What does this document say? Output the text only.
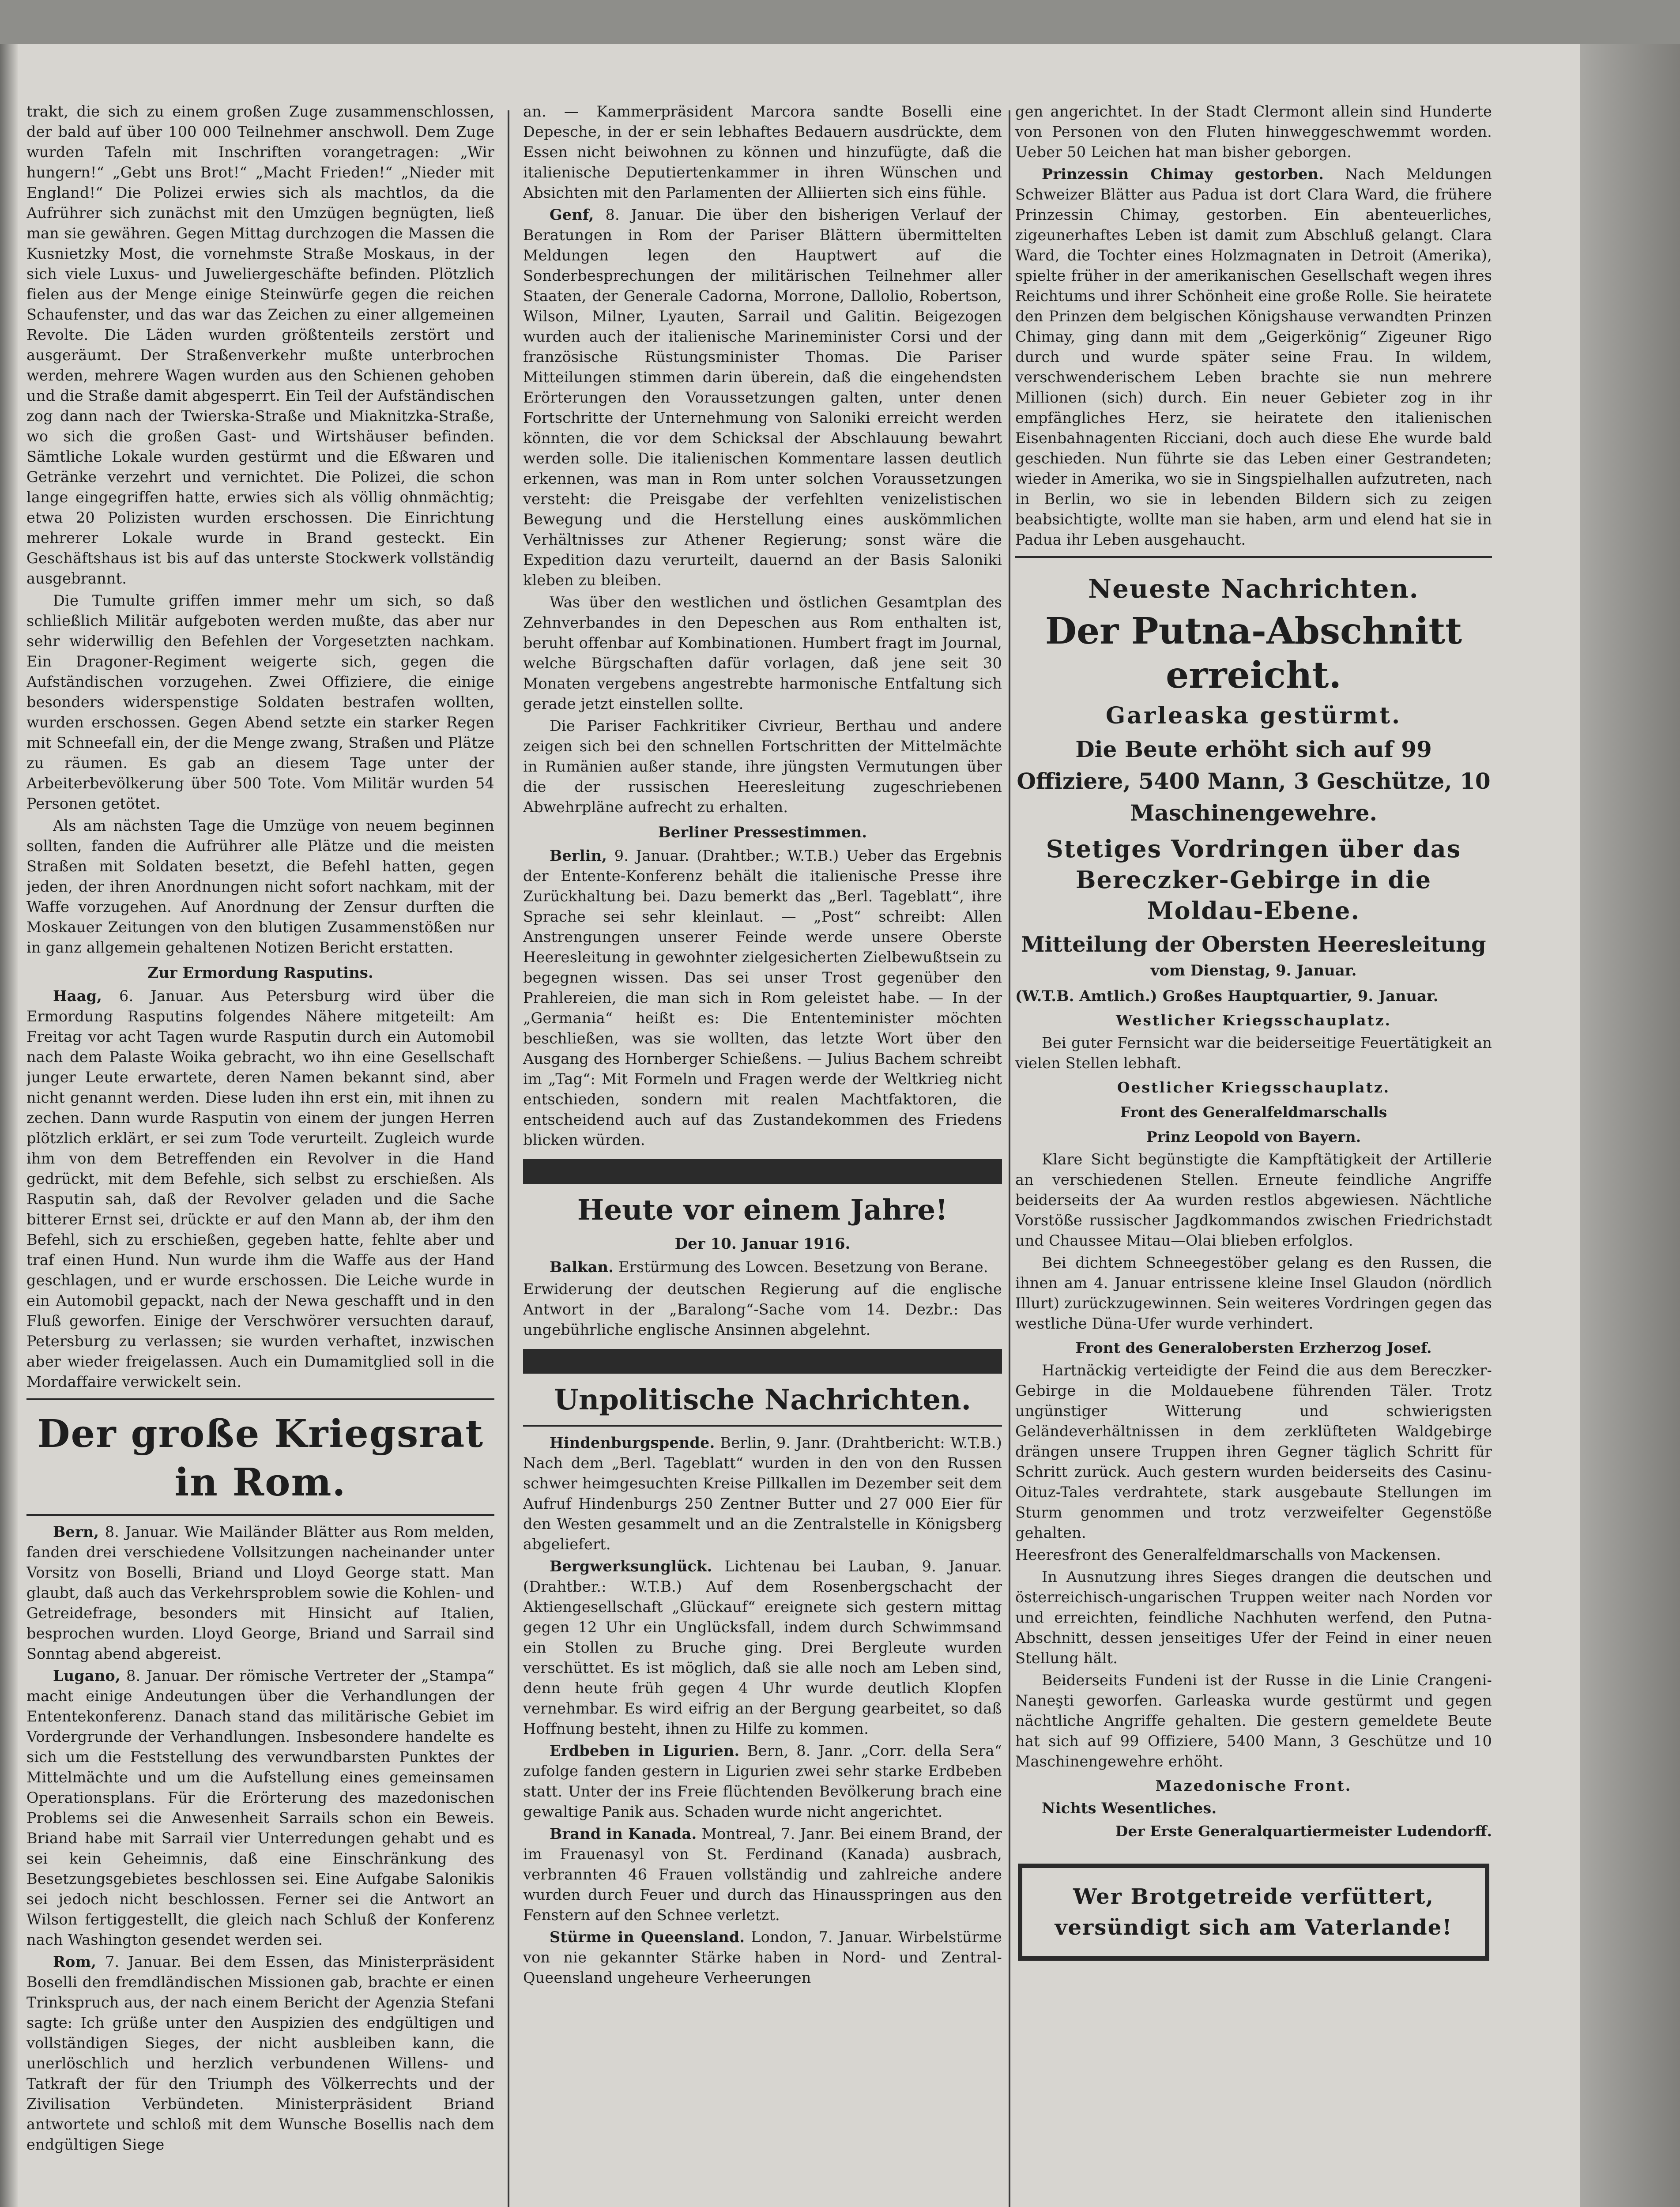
trakt, die sich zu einem großen Zuge zusammenschlossen, der bald auf über 100 000 Teilnehmer anschwoll. Dem Zuge wurden Tafeln mit Inschriften vorangetragen: „Wir hungern!“ „Gebt uns Brot!“ „Macht Frieden!“ „Nieder mit England!“ Die Polizei erwies sich als machtlos, da die Aufrührer sich zunächst mit den Umzügen begnügten, ließ man sie gewähren. Gegen Mittag durchzogen die Massen die Kusnietzky Most, die vornehmste Straße Moskaus, in der sich viele Luxus- und Juweliergeschäfte befinden. Plötzlich fielen aus der Menge einige Steinwürfe gegen die reichen Schaufenster, und das war das Zeichen zu einer allgemeinen Revolte. Die Läden wurden größtenteils zerstört und ausgeräumt. Der Straßenverkehr mußte unterbrochen werden, mehrere Wagen wurden aus den Schienen gehoben und die Straße damit abgesperrt. Ein Teil der Aufständischen zog dann nach der Twierska-Straße und Miaknitzka-Straße, wo sich die großen Gast- und Wirtshäuser befinden. Sämtliche Lokale wurden gestürmt und die Eßwaren und Getränke verzehrt und vernichtet. Die Polizei, die schon lange eingegriffen hatte, erwies sich als völlig ohnmächtig; etwa 20 Polizisten wurden erschossen. Die Einrichtung mehrerer Lokale wurde in Brand gesteckt. Ein Geschäftshaus ist bis auf das unterste Stockwerk vollständig ausgebrannt.

Die Tumulte griffen immer mehr um sich, so daß schließlich Militär aufgeboten werden mußte, das aber nur sehr widerwillig den Befehlen der Vorgesetzten nachkam. Ein Dragoner-Regiment weigerte sich, gegen die Aufständischen vorzugehen. Zwei Offiziere, die einige besonders widerspenstige Soldaten bestrafen wollten, wurden erschossen. Gegen Abend setzte ein starker Regen mit Schneefall ein, der die Menge zwang, Straßen und Plätze zu räumen. Es gab an diesem Tage unter der Arbeiterbevölkerung über 500 Tote. Vom Militär wurden 54 Personen getötet.

Als am nächsten Tage die Umzüge von neuem beginnen sollten, fanden die Aufrührer alle Plätze und die meisten Straßen mit Soldaten besetzt, die Befehl hatten, gegen jeden, der ihren Anordnungen nicht sofort nachkam, mit der Waffe vorzugehen. Auf Anordnung der Zensur durften die Moskauer Zeitungen von den blutigen Zusammenstößen nur in ganz allgemein gehaltenen Notizen Bericht erstatten.

Zur Ermordung Rasputins.

Haag, 6. Januar. Aus Petersburg wird über die Ermordung Rasputins folgendes Nähere mitgeteilt: Am Freitag vor acht Tagen wurde Rasputin durch ein Automobil nach dem Palaste Woika gebracht, wo ihn eine Gesellschaft junger Leute erwartete, deren Namen bekannt sind, aber nicht genannt werden. Diese luden ihn erst ein, mit ihnen zu zechen. Dann wurde Rasputin von einem der jungen Herren plötzlich erklärt, er sei zum Tode verurteilt. Zugleich wurde ihm von dem Betreffenden ein Revolver in die Hand gedrückt, mit dem Befehle, sich selbst zu erschießen. Als Rasputin sah, daß der Revolver geladen und die Sache bitterer Ernst sei, drückte er auf den Mann ab, der ihm den Befehl, sich zu erschießen, gegeben hatte, fehlte aber und traf einen Hund. Nun wurde ihm die Waffe aus der Hand geschlagen, und er wurde erschossen. Die Leiche wurde in ein Automobil gepackt, nach der Newa geschafft und in den Fluß geworfen. Einige der Verschwörer versuchten darauf, Petersburg zu verlassen; sie wurden verhaftet, inzwischen aber wieder freigelassen. Auch ein Dumamitglied soll in die Mordaffaire verwickelt sein.

Der große Kriegsrat in Rom.

Bern, 8. Januar. Wie Mailänder Blätter aus Rom melden, fanden drei verschiedene Vollsitzungen nacheinander unter Vorsitz von Boselli, Briand und Lloyd George statt. Man glaubt, daß auch das Verkehrsproblem sowie die Kohlen- und Getreidefrage, besonders mit Hinsicht auf Italien, besprochen wurden. Lloyd George, Briand und Sarrail sind Sonntag abend abgereist.

Lugano, 8. Januar. Der römische Vertreter der „Stampa“ macht einige Andeutungen über die Verhandlungen der Ententekonferenz. Danach stand das militärische Gebiet im Vordergrunde der Verhandlungen. Insbesondere handelte es sich um die Feststellung des verwundbarsten Punktes der Mittelmächte und um die Aufstellung eines gemeinsamen Operationsplans. Für die Erörterung des mazedonischen Problems sei die Anwesenheit Sarrails schon ein Beweis. Briand habe mit Sarrail vier Unterredungen gehabt und es sei kein Geheimnis, daß eine Einschränkung des Besetzungsgebietes beschlossen sei. Eine Aufgabe Salonikis sei jedoch nicht beschlossen. Ferner sei die Antwort an Wilson fertiggestellt, die gleich nach Schluß der Konferenz nach Washington gesendet werden sei.

Rom, 7. Januar. Bei dem Essen, das Ministerpräsident Boselli den fremdländischen Missionen gab, brachte er einen Trinkspruch aus, der nach einem Bericht der Agenzia Stefani sagte: Ich grüße unter den Auspizien des endgültigen und vollständigen Sieges, der nicht ausbleiben kann, die unerlöschlich und herzlich verbundenen Willens- und Tatkraft der für den Triumph des Völkerrechts und der Zivilisation Verbündeten. Ministerpräsident Briand antwortete und schloß mit dem Wunsche Bosellis nach dem endgültigen Siege

an. — Kammerpräsident Marcora sandte Boselli eine Depesche, in der er sein lebhaftes Bedauern ausdrückte, dem Essen nicht beiwohnen zu können und hinzufügte, daß die italienische Deputiertenkammer in ihren Wünschen und Absichten mit den Parlamenten der Alliierten sich eins fühle.

Genf, 8. Januar. Die über den bisherigen Verlauf der Beratungen in Rom der Pariser Blättern übermittelten Meldungen legen den Hauptwert auf die Sonderbesprechungen der militärischen Teilnehmer aller Staaten, der Generale Cadorna, Morrone, Dallolio, Robertson, Wilson, Milner, Lyauten, Sarrail und Galitin. Beigezogen wurden auch der italienische Marineminister Corsi und der französische Rüstungsminister Thomas. Die Pariser Mitteilungen stimmen darin überein, daß die eingehendsten Erörterungen den Voraussetzungen galten, unter denen Fortschritte der Unternehmung von Saloniki erreicht werden könnten, die vor dem Schicksal der Abschlauung bewahrt werden solle. Die italienischen Kommentare lassen deutlich erkennen, was man in Rom unter solchen Voraussetzungen versteht: die Preisgabe der verfehlten venizelistischen Bewegung und die Herstellung eines auskömmlichen Verhältnisses zur Athener Regierung; sonst wäre die Expedition dazu verurteilt, dauernd an der Basis Saloniki kleben zu bleiben.

Was über den westlichen und östlichen Gesamtplan des Zehnverbandes in den Depeschen aus Rom enthalten ist, beruht offenbar auf Kombinationen. Humbert fragt im Journal, welche Bürgschaften dafür vorlagen, daß jene seit 30 Monaten vergebens angestrebte harmonische Entfaltung sich gerade jetzt einstellen sollte.

Die Pariser Fachkritiker Civrieur, Berthau und andere zeigen sich bei den schnellen Fortschritten der Mittelmächte in Rumänien außer stande, ihre jüngsten Vermutungen über die der russischen Heeresleitung zugeschriebenen Abwehrpläne aufrecht zu erhalten.

Berliner Pressestimmen.

Berlin, 9. Januar. (Drahtber.; W.T.B.) Ueber das Ergebnis der Entente-Konferenz behält die italienische Presse ihre Zurückhaltung bei. Dazu bemerkt das „Berl. Tageblatt“, ihre Sprache sei sehr kleinlaut. — „Post“ schreibt: Allen Anstrengungen unserer Feinde werde unsere Oberste Heeresleitung in gewohnter zielgesicherten Zielbewußtsein zu begegnen wissen. Das sei unser Trost gegenüber den Prahlereien, die man sich in Rom geleistet habe. — In der „Germania“ heißt es: Die Ententeminister möchten beschließen, was sie wollten, das letzte Wort über den Ausgang des Hornberger Schießens. — Julius Bachem schreibt im „Tag“: Mit Formeln und Fragen werde der Weltkrieg nicht entschieden, sondern mit realen Machtfaktoren, die entscheidend auch auf das Zustandekommen des Friedens blicken würden.

Heute vor einem Jahre!
Der 10. Januar 1916.

Balkan. Erstürmung des Lowcen. Besetzung von Berane.

Erwiderung der deutschen Regierung auf die englische Antwort in der „Baralong“-Sache vom 14. Dezbr.: Das ungebührliche englische Ansinnen abgelehnt.

Unpolitische Nachrichten.

Hindenburgspende. Berlin, 9. Janr. (Drahtbericht: W.T.B.) Nach dem „Berl. Tageblatt“ wurden in den von den Russen schwer heimgesuchten Kreise Pillkallen im Dezember seit dem Aufruf Hindenburgs 250 Zentner Butter und 27 000 Eier für den Westen gesammelt und an die Zentralstelle in Königsberg abgeliefert.

Bergwerksunglück. Lichtenau bei Lauban, 9. Januar. (Drahtber.: W.T.B.) Auf dem Rosenbergschacht der Aktiengesellschaft „Glückauf“ ereignete sich gestern mittag gegen 12 Uhr ein Unglücksfall, indem durch Schwimmsand ein Stollen zu Bruche ging. Drei Bergleute wurden verschüttet. Es ist möglich, daß sie alle noch am Leben sind, denn heute früh gegen 4 Uhr wurde deutlich Klopfen vernehmbar. Es wird eifrig an der Bergung gearbeitet, so daß Hoffnung besteht, ihnen zu Hilfe zu kommen.

Erdbeben in Ligurien. Bern, 8. Janr. „Corr. della Sera“ zufolge fanden gestern in Ligurien zwei sehr starke Erdbeben statt. Unter der ins Freie flüchtenden Bevölkerung brach eine gewaltige Panik aus. Schaden wurde nicht angerichtet.

Brand in Kanada. Montreal, 7. Janr. Bei einem Brand, der im Frauenasyl von St. Ferdinand (Kanada) ausbrach, verbrannten 46 Frauen vollständig und zahlreiche andere wurden durch Feuer und durch das Hinausspringen aus den Fenstern auf den Schnee verletzt.

Stürme in Queensland. London, 7. Januar. Wirbelstürme von nie gekannter Stärke haben in Nord- und Zentral-Queensland ungeheure Verheerungen

gen angerichtet. In der Stadt Clermont allein sind Hunderte von Personen von den Fluten hinweggeschwemmt worden. Ueber 50 Leichen hat man bisher geborgen.

Prinzessin Chimay gestorben. Nach Meldungen Schweizer Blätter aus Padua ist dort Clara Ward, die frühere Prinzessin Chimay, gestorben. Ein abenteuerliches, zigeunerhaftes Leben ist damit zum Abschluß gelangt. Clara Ward, die Tochter eines Holzmagnaten in Detroit (Amerika), spielte früher in der amerikanischen Gesellschaft wegen ihres Reichtums und ihrer Schönheit eine große Rolle. Sie heiratete den Prinzen dem belgischen Königshause verwandten Prinzen Chimay, ging dann mit dem „Geigerkönig“ Zigeuner Rigo durch und wurde später seine Frau. In wildem, verschwenderischem Leben brachte sie nun mehrere Millionen (sich) durch. Ein neuer Gebieter zog in ihr empfängliches Herz, sie heiratete den italienischen Eisenbahnagenten Ricciani, doch auch diese Ehe wurde bald geschieden. Nun führte sie das Leben einer Gestrandeten; wieder in Amerika, wo sie in Singspielhallen aufzutreten, nach in Berlin, wo sie in lebenden Bildern sich zu zeigen beabsichtigte, wollte man sie haben, arm und elend hat sie in Padua ihr Leben ausgehaucht.

Neueste Nachrichten.
Der Putna-Abschnitt erreicht.
Garleaska gestürmt.
Die Beute erhöht sich auf 99 Offiziere, 5400 Mann, 3 Geschütze, 10 Maschinengewehre.
Stetiges Vordringen über das Bereczker-Gebirge in die Moldau-Ebene.
Mitteilung der Obersten Heeresleitung
vom Dienstag, 9. Januar.

(W.T.B. Amtlich.) Großes Hauptquartier, 9. Januar.

Westlicher Kriegsschauplatz.

Bei guter Fernsicht war die beiderseitige Feuertätigkeit an vielen Stellen lebhaft.

Oestlicher Kriegsschauplatz.
Front des Generalfeldmarschalls
Prinz Leopold von Bayern.

Klare Sicht begünstigte die Kampftätigkeit der Artillerie an verschiedenen Stellen. Erneute feindliche Angriffe beiderseits der Aa wurden restlos abgewiesen. Nächtliche Vorstöße russischer Jagdkommandos zwischen Friedrichstadt und Chaussee Mitau—Olai blieben erfolglos.

Bei dichtem Schneegestöber gelang es den Russen, die ihnen am 4. Januar entrissene kleine Insel Glaudon (nördlich Illurt) zurückzugewinnen. Sein weiteres Vordringen gegen das westliche Düna-Ufer wurde verhindert.

Front des Generalobersten Erzherzog Josef.

Hartnäckig verteidigte der Feind die aus dem Bereczker-Gebirge in die Moldauebene führenden Täler. Trotz ungünstiger Witterung und schwierigsten Geländeverhältnissen in dem zerklüfteten Waldgebirge drängen unsere Truppen ihren Gegner täglich Schritt für Schritt zurück. Auch gestern wurden beiderseits des Casinu-Oituz-Tales verdrahtete, stark ausgebaute Stellungen im Sturm genommen und trotz verzweifelter Gegenstöße gehalten.

Heeresfront des Generalfeldmarschalls von Mackensen.

In Ausnutzung ihres Sieges drangen die deutschen und österreichisch-ungarischen Truppen weiter nach Norden vor und erreichten, feindliche Nachhuten werfend, den Putna-Abschnitt, dessen jenseitiges Ufer der Feind in einer neuen Stellung hält.

Beiderseits Fundeni ist der Russe in die Linie Crangeni-Naneşti geworfen. Garleaska wurde gestürmt und gegen nächtliche Angriffe gehalten. Die gestern gemeldete Beute hat sich auf 99 Offiziere, 5400 Mann, 3 Geschütze und 10 Maschinengewehre erhöht.

Mazedonische Front.

Nichts Wesentliches.

Der Erste Generalquartiermeister Ludendorff.
Wer Brotgetreide verfüttert, versündigt sich am Vaterlande!
